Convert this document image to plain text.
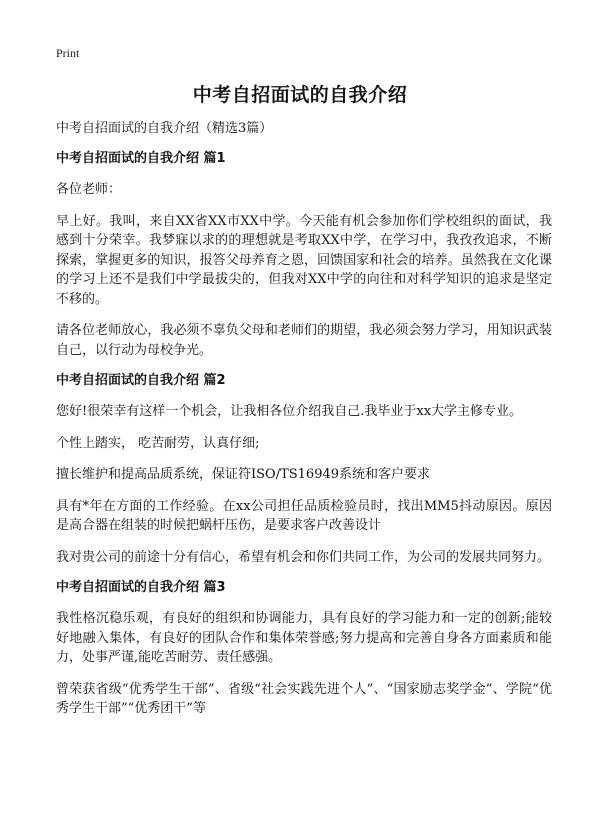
Print
中考自招面试的自我介绍

中考自招面试的自我介绍（精选3篇）

中考自招面试的自我介绍 篇1

各位老师：

早上好。我叫，来自XX省XX市XX中学。今天能有机会参加你们学校组织的面试，我感到十分荣幸。我梦寐以求的的理想就是考取XX中学，在学习中，我孜孜追求，不断探索，掌握更多的知识，报答父母养育之恩，回馈国家和社会的培养。虽然我在文化课的学习上还不是我们中学最拔尖的，但我对XX中学的向往和对科学知识的追求是坚定不移的。

请各位老师放心，我必须不辜负父母和老师们的期望，我必须会努力学习，用知识武装自己，以行动为母校争光。

中考自招面试的自我介绍 篇2

您好!很荣幸有这样一个机会，让我相各位介绍我自己.我毕业于xx大学主修专业。

个性上踏实， 吃苦耐劳，认真仔细;

擅长维护和提高品质系统，保证符ISO/TS16949系统和客户要求

具有*年在方面的工作经验。在xx公司担任品质检验员时，找出MM5抖动原因。原因是高合器在组装的时候把蜗杆压伤，是要求客户改善设计

我对贵公司的前途十分有信心，希望有机会和你们共同工作，为公司的发展共同努力。

中考自招面试的自我介绍 篇3

我性格沉稳乐观，有良好的组织和协调能力，具有良好的学习能力和一定的创新;能较好地融入集体，有良好的团队合作和集体荣誉感;努力提高和完善自身各方面素质和能力，处事严谨,能吃苦耐劳、责任感强。

曾荣获省级“优秀学生干部”、省级“社会实践先进个人”、“国家励志奖学金”、学院“优秀学生干部”“优秀团干”等
